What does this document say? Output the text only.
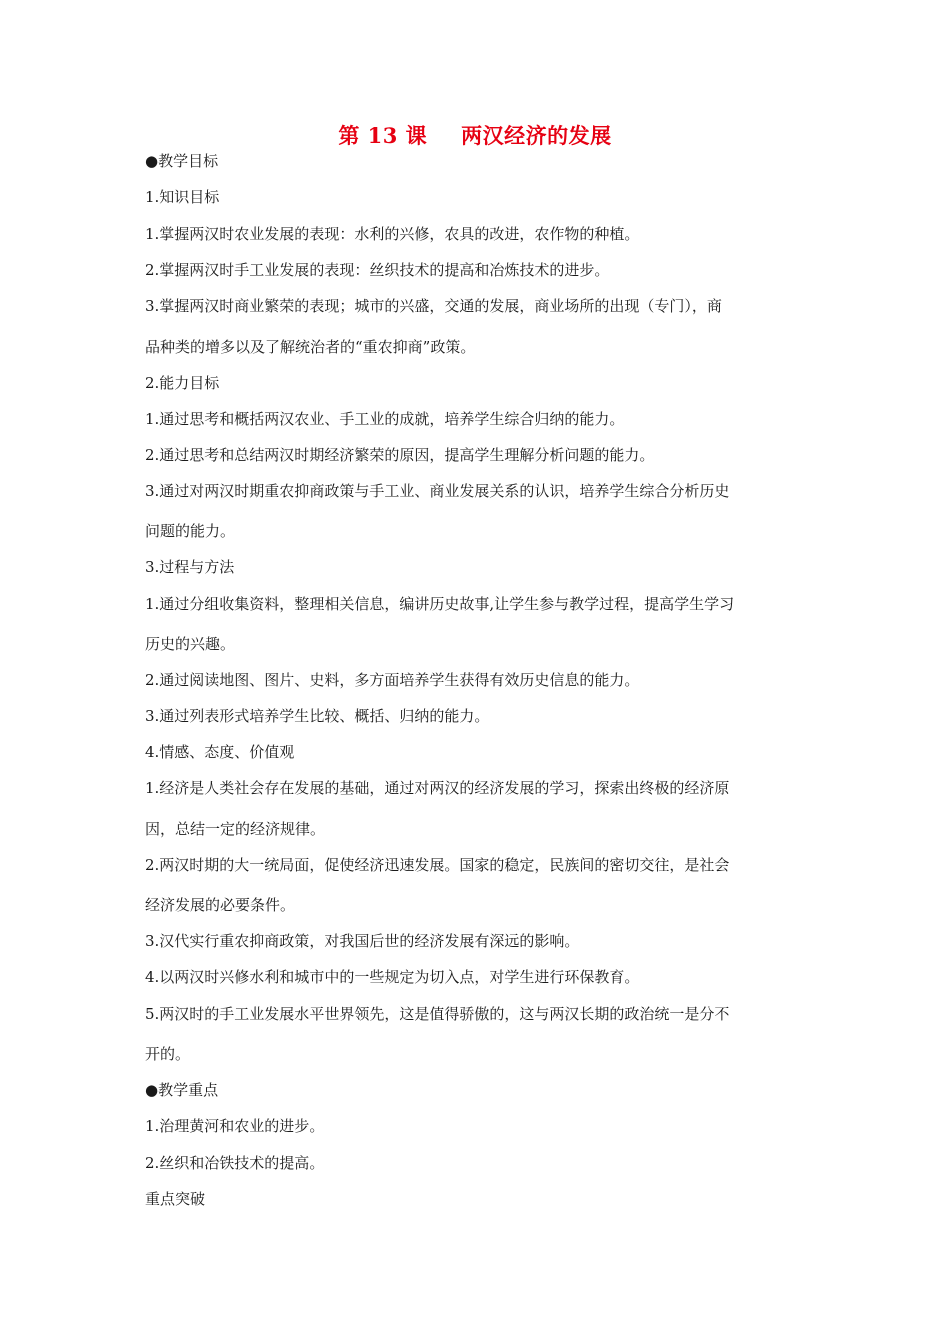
第 13 课 两汉经济的发展
●教学目标
1.知识目标
1.掌握两汉时农业发展的表现：水利的兴修，农具的改进，农作物的种植。
2.掌握两汉时手工业发展的表现：丝织技术的提高和冶炼技术的进步。
3.掌握两汉时商业繁荣的表现；城市的兴盛，交通的发展，商业场所的出现（专门），商
品种类的增多以及了解统治者的“重农抑商”政策。
2.能力目标
1.通过思考和概括两汉农业、手工业的成就，培养学生综合归纳的能力。
2.通过思考和总结两汉时期经济繁荣的原因，提高学生理解分析问题的能力。
3.通过对两汉时期重农抑商政策与手工业、商业发展关系的认识，培养学生综合分析历史
问题的能力。
3.过程与方法
1.通过分组收集资料，整理相关信息，编讲历史故事,让学生参与教学过程，提高学生学习
历史的兴趣。
2.通过阅读地图、图片、史料，多方面培养学生获得有效历史信息的能力。
3.通过列表形式培养学生比较、概括、归纳的能力。
4.情感、态度、价值观
1.经济是人类社会存在发展的基础，通过对两汉的经济发展的学习，探索出终极的经济原
因，总结一定的经济规律。
2.两汉时期的大一统局面，促使经济迅速发展。国家的稳定，民族间的密切交往，是社会
经济发展的必要条件。
3.汉代实行重农抑商政策，对我国后世的经济发展有深远的影响。
4.以两汉时兴修水利和城市中的一些规定为切入点，对学生进行环保教育。
5.两汉时的手工业发展水平世界领先，这是值得骄傲的，这与两汉长期的政治统一是分不
开的。
●教学重点
1.治理黄河和农业的进步。
2.丝织和冶铁技术的提高。
重点突破
